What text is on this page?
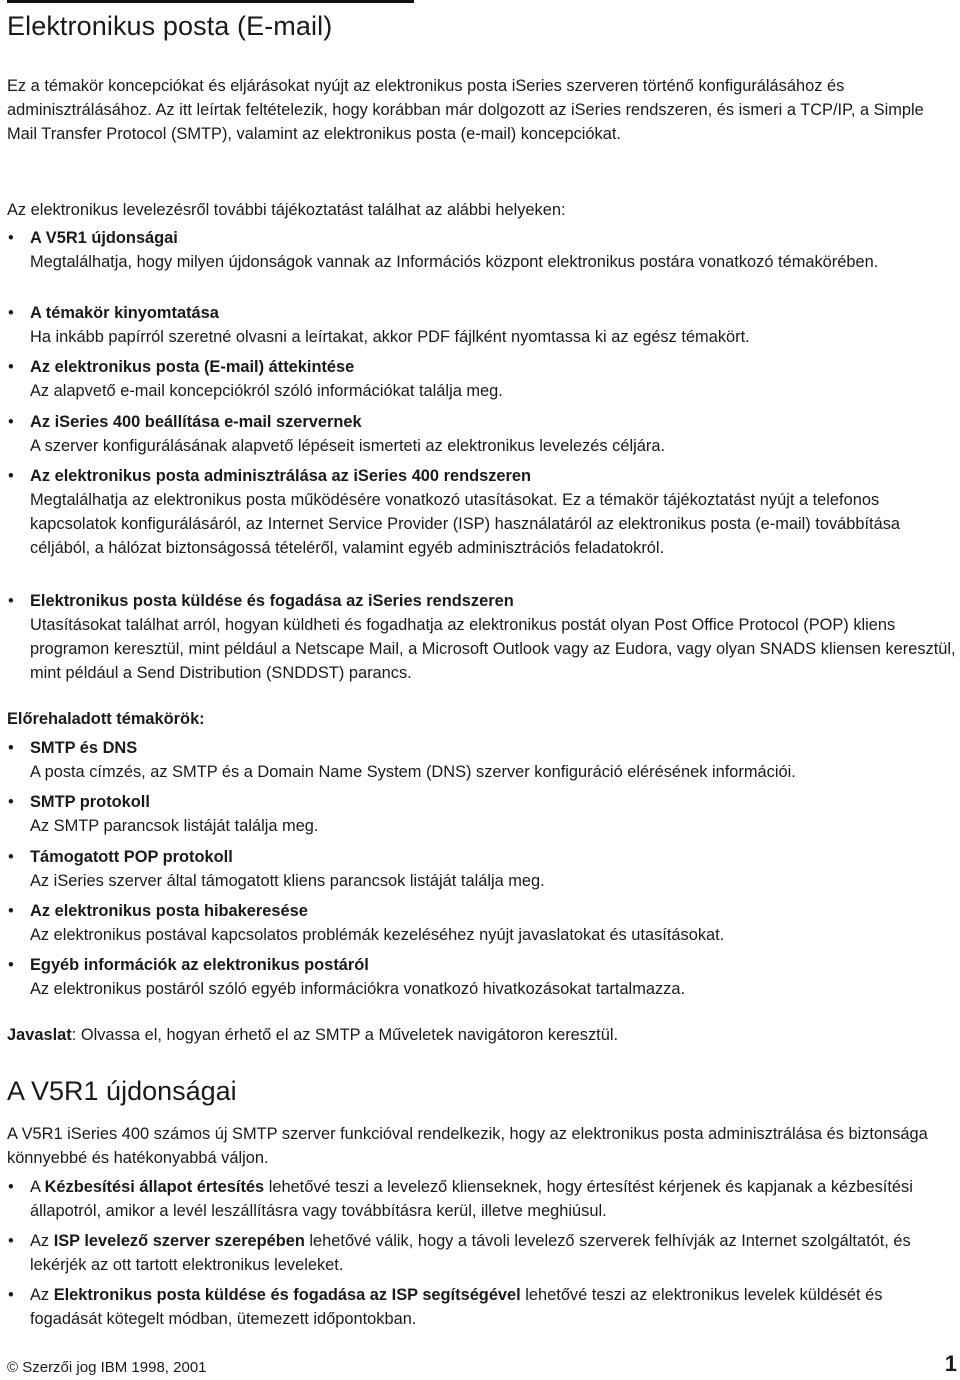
Elektronikus posta (E-mail)

Ez a témakör koncepciókat és eljárásokat nyújt az elektronikus posta iSeries szerveren történő konfigurálásához és adminisztrálásához. Az itt leírtak feltételezik, hogy korábban már dolgozott az iSeries rendszeren, és ismeri a TCP/IP, a Simple Mail Transfer Protocol (SMTP), valamint az elektronikus posta (e-mail) koncepciókat.

Az elektronikus levelezésről további tájékoztatást találhat az alábbi helyeken:

• A V5R1 újdonságai
Megtalálhatja, hogy milyen újdonságok vannak az Információs központ elektronikus postára vonatkozó témakörében.
• A témakör kinyomtatása
Ha inkább papírról szeretné olvasni a leírtakat, akkor PDF fájlként nyomtassa ki az egész témakört.
• Az elektronikus posta (E-mail) áttekintése
Az alapvető e-mail koncepciókról szóló információkat találja meg.
• Az iSeries 400 beállítása e-mail szervernek
A szerver konfigurálásának alapvető lépéseit ismerteti az elektronikus levelezés céljára.
• Az elektronikus posta adminisztrálása az iSeries 400 rendszeren
Megtalálhatja az elektronikus posta működésére vonatkozó utasításokat. Ez a témakör tájékoztatást nyújt a telefonos kapcsolatok konfigurálásáról, az Internet Service Provider (ISP) használatáról az elektronikus posta (e-mail) továbbítása céljából, a hálózat biztonságossá tételéről, valamint egyéb adminisztrációs feladatokról.
• Elektronikus posta küldése és fogadása az iSeries rendszeren
Utasításokat találhat arról, hogyan küldheti és fogadhatja az elektronikus postát olyan Post Office Protocol (POP) kliens programon keresztül, mint például a Netscape Mail, a Microsoft Outlook vagy az Eudora, vagy olyan SNADS kliensen keresztül, mint például a Send Distribution (SNDDST) parancs.

Előrehaladott témakörök:

• SMTP és DNS
A posta címzés, az SMTP és a Domain Name System (DNS) szerver konfiguráció elérésének információi.
• SMTP protokoll
Az SMTP parancsok listáját találja meg.
• Támogatott POP protokoll
Az iSeries szerver által támogatott kliens parancsok listáját találja meg.
• Az elektronikus posta hibakeresése
Az elektronikus postával kapcsolatos problémák kezeléséhez nyújt javaslatokat és utasításokat.
• Egyéb információk az elektronikus postáról
Az elektronikus postáról szóló egyéb információkra vonatkozó hivatkozásokat tartalmazza.

Javaslat: Olvassa el, hogyan érhető el az SMTP a Műveletek navigátoron keresztül.

A V5R1 újdonságai

A V5R1 iSeries 400 számos új SMTP szerver funkcióval rendelkezik, hogy az elektronikus posta adminisztrálása és biztonsága könnyebbé és hatékonyabbá váljon.

• A Kézbesítési állapot értesítés lehetővé teszi a levelező klienseknek, hogy értesítést kérjenek és kapjanak a kézbesítési állapotról, amikor a levél leszállításra vagy továbbításra kerül, illetve meghiúsul.
• Az ISP levelező szerver szerepében lehetővé válik, hogy a távoli levelező szerverek felhívják az Internet szolgáltatót, és lekérjék az ott tartott elektronikus leveleket.
• Az Elektronikus posta küldése és fogadása az ISP segítségével lehetővé teszi az elektronikus levelek küldését és fogadását kötegelt módban, ütemezett időpontokban.
© Szerzői jog IBM 1998, 2001	1
